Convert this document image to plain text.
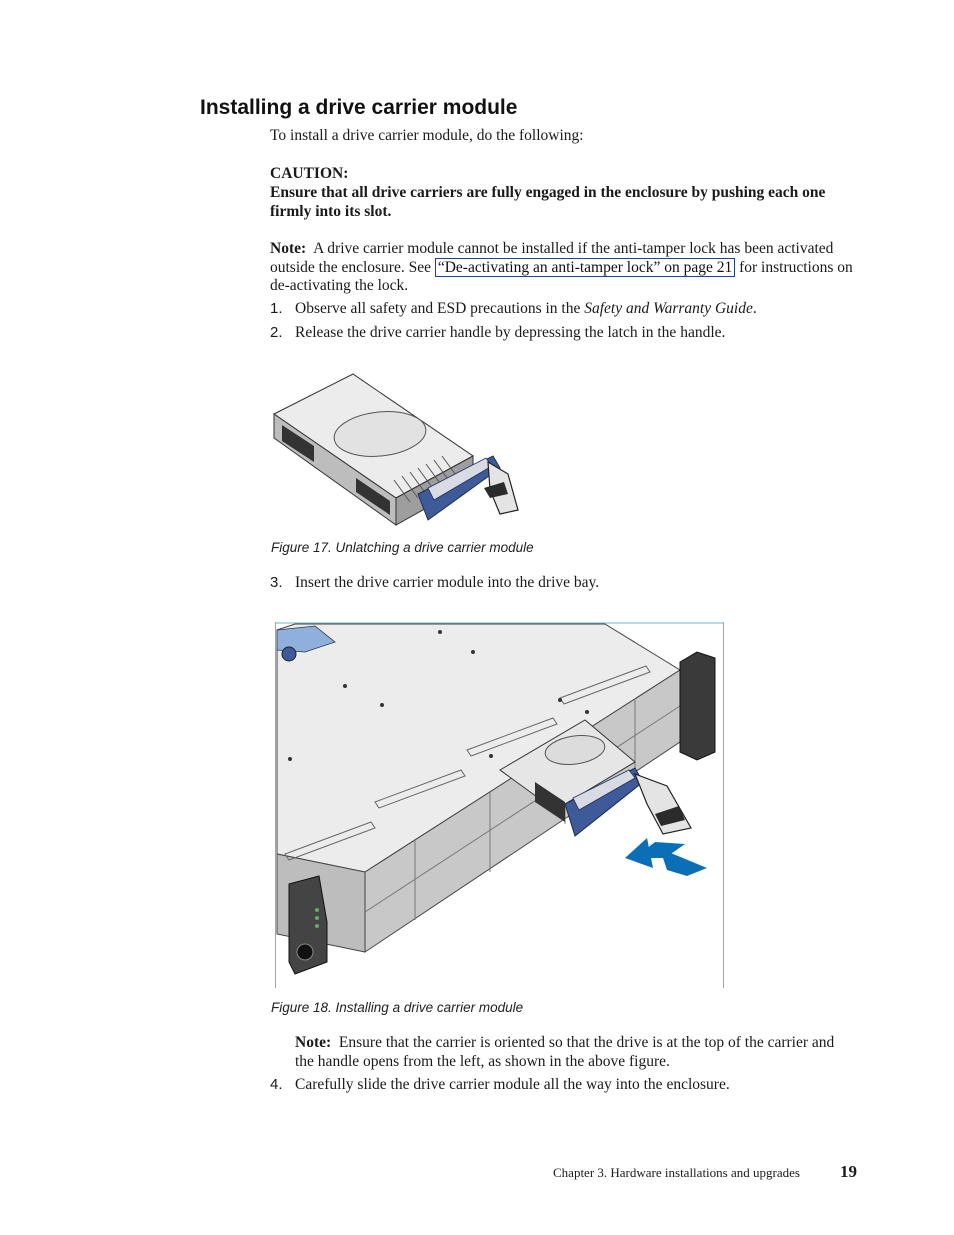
Installing a drive carrier module
To install a drive carrier module, do the following:
CAUTION:
Ensure that all drive carriers are fully engaged in the enclosure by pushing each one firmly into its slot.
Note: A drive carrier module cannot be installed if the anti-tamper lock has been activated outside the enclosure. See “De-activating an anti-tamper lock” on page 21 for instructions on de-activating the lock.
1. Observe all safety and ESD precautions in the Safety and Warranty Guide.
2. Release the drive carrier handle by depressing the latch in the handle.
Figure 17. Unlatching a drive carrier module
3. Insert the drive carrier module into the drive bay.
Figure 18. Installing a drive carrier module
Note: Ensure that the carrier is oriented so that the drive is at the top of the carrier and the handle opens from the left, as shown in the above figure.
4. Carefully slide the drive carrier module all the way into the enclosure.
Chapter 3. Hardware installations and upgrades 19
